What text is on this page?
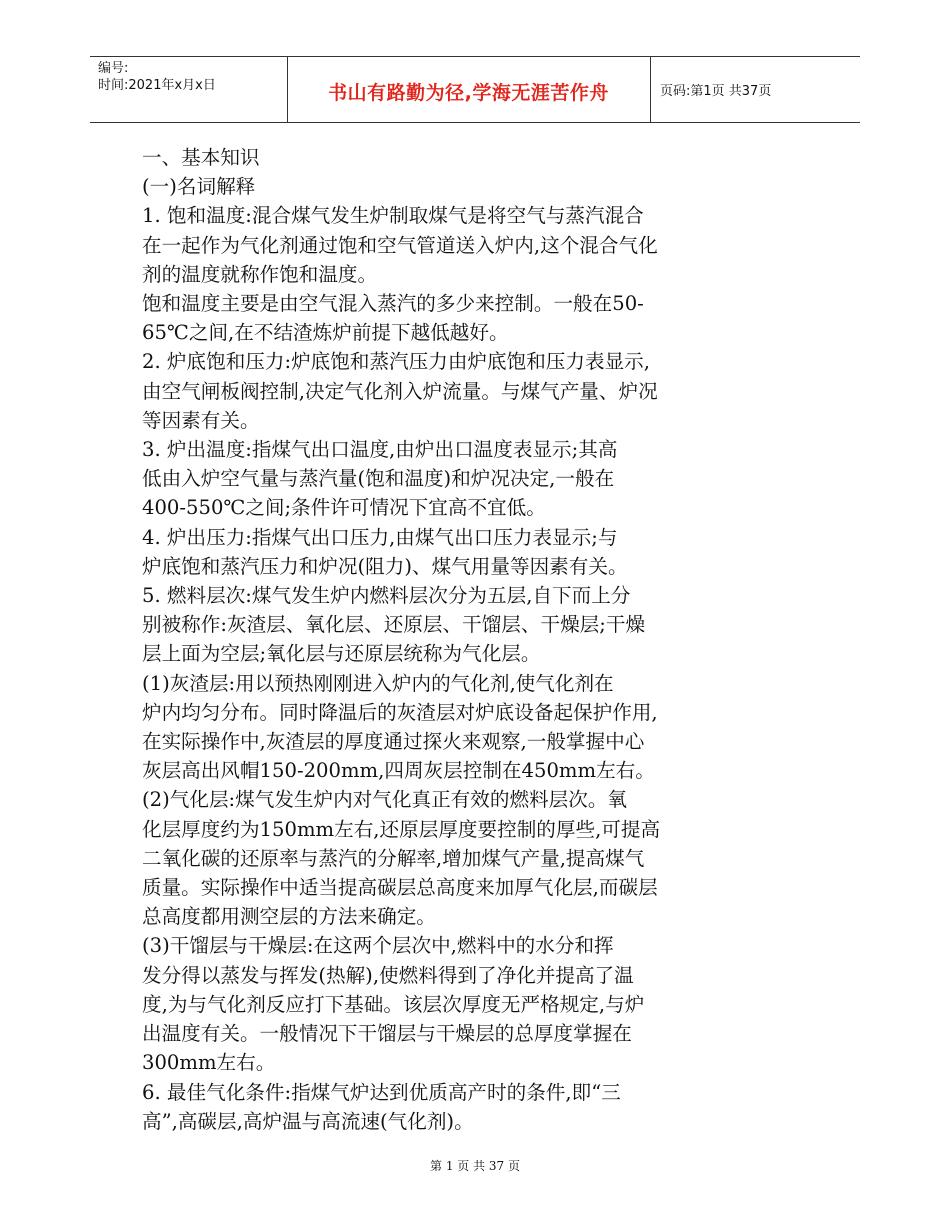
编号:
时间:2021年x月x日	书山有路勤为径,学海无涯苦作舟	页码:第1页 共37页

一、基本知识

(一)名词解释

1. 饱和温度:混合煤气发生炉制取煤气是将空气与蒸汽混合

在一起作为气化剂通过饱和空气管道送入炉内,这个混合气化

剂的温度就称作饱和温度。

饱和温度主要是由空气混入蒸汽的多少来控制。一般在50-

65℃之间,在不结渣炼炉前提下越低越好。

2. 炉底饱和压力:炉底饱和蒸汽压力由炉底饱和压力表显示,

由空气闸板阀控制,决定气化剂入炉流量。与煤气产量、炉况

等因素有关。

3. 炉出温度:指煤气出口温度,由炉出口温度表显示;其高

低由入炉空气量与蒸汽量(饱和温度)和炉况决定,一般在

400-550℃之间;条件许可情况下宜高不宜低。

4. 炉出压力:指煤气出口压力,由煤气出口压力表显示;与

炉底饱和蒸汽压力和炉况(阻力)、煤气用量等因素有关。

5. 燃料层次:煤气发生炉内燃料层次分为五层,自下而上分

别被称作:灰渣层、氧化层、还原层、干馏层、干燥层;干燥

层上面为空层;氧化层与还原层统称为气化层。

(1)灰渣层:用以预热刚刚进入炉内的气化剂,使气化剂在

炉内均匀分布。同时降温后的灰渣层对炉底设备起保护作用,

在实际操作中,灰渣层的厚度通过探火来观察,一般掌握中心

灰层高出风帽150-200mm,四周灰层控制在450mm左右。

(2)气化层:煤气发生炉内对气化真正有效的燃料层次。氧

化层厚度约为150mm左右,还原层厚度要控制的厚些,可提高

二氧化碳的还原率与蒸汽的分解率,增加煤气产量,提高煤气

质量。实际操作中适当提高碳层总高度来加厚气化层,而碳层

总高度都用测空层的方法来确定。

(3)干馏层与干燥层:在这两个层次中,燃料中的水分和挥

发分得以蒸发与挥发(热解),使燃料得到了净化并提高了温

度,为与气化剂反应打下基础。该层次厚度无严格规定,与炉

出温度有关。一般情况下干馏层与干燥层的总厚度掌握在

300mm左右。

6. 最佳气化条件:指煤气炉达到优质高产时的条件,即“三

高”,高碳层,高炉温与高流速(气化剂)。

第 1 页 共 37 页
